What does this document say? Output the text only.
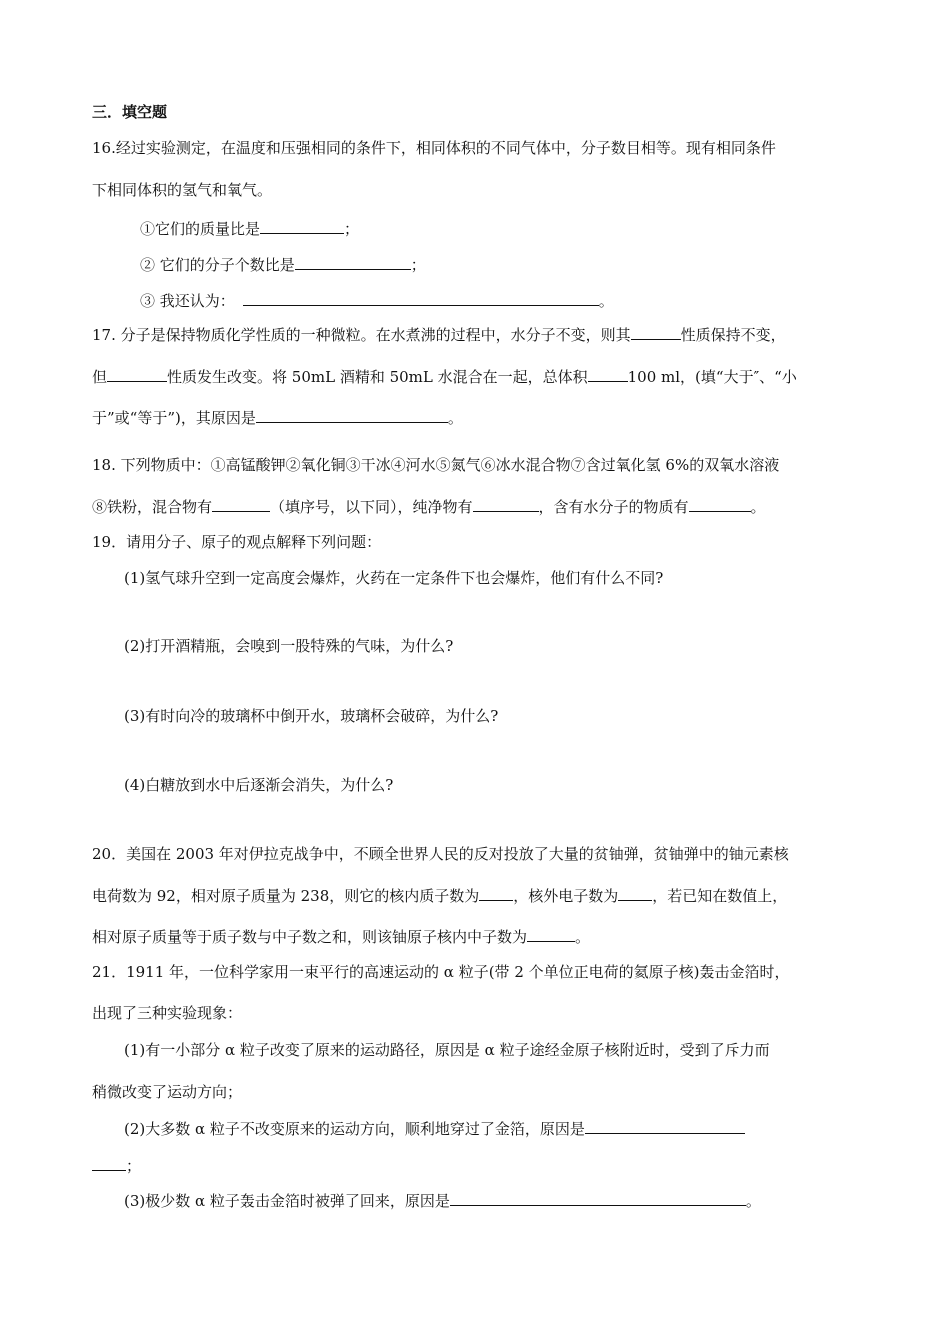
三．填空题
16.经过实验测定，在温度和压强相同的条件下，相同体积的不同气体中，分子数目相等。现有相同条件
下相同体积的氢气和氧气。
①它们的质量比是	；
② 它们的分子个数比是	；
③ 我还认为：	。
17. 分子是保持物质化学性质的一种微粒。在水煮沸的过程中，水分子不变，则其	性质保持不变，
但	性质发生改变。将 50mL 酒精和 50mL 水混合在一起，总体积	100 ml，(填“大于″、“小
于”或“等于”)，其原因是	。
18. 下列物质中：①高锰酸钾②氧化铜③干冰④河水⑤氮气⑥冰水混合物⑦含过氧化氢 6%的双氧水溶液
⑧铁粉，混合物有	（填序号，以下同），纯净物有	，含有水分子的物质有	。
19．请用分子、原子的观点解释下列问题：
(1)氢气球升空到一定高度会爆炸，火药在一定条件下也会爆炸，他们有什么不同?
(2)打开酒精瓶，会嗅到一股特殊的气味，为什么?
(3)有时向冷的玻璃杯中倒开水，玻璃杯会破碎，为什么?
(4)白糖放到水中后逐渐会消失，为什么?
20．美国在 2003 年对伊拉克战争中，不顾全世界人民的反对投放了大量的贫铀弹，贫铀弹中的铀元素核
电荷数为 92，相对原子质量为 238，则它的核内质子数为 ，核外电子数为 ，若已知在数值上，
相对原子质量等于质子数与中子数之和，则该铀原子核内中子数为	。
21．1911 年，一位科学家用一束平行的高速运动的 α 粒子(带 2 个单位正电荷的氦原子核)轰击金箔时，
出现了三种实验现象：
(1)有一小部分 α 粒子改变了原来的运动路径，原因是 α 粒子途经金原子核附近时，受到了斥力而
稍微改变了运动方向；
(2)大多数 α 粒子不改变原来的运动方向，顺利地穿过了金箔，原因是
；
(3)极少数 α 粒子轰击金箔时被弹了回来，原因是	。
